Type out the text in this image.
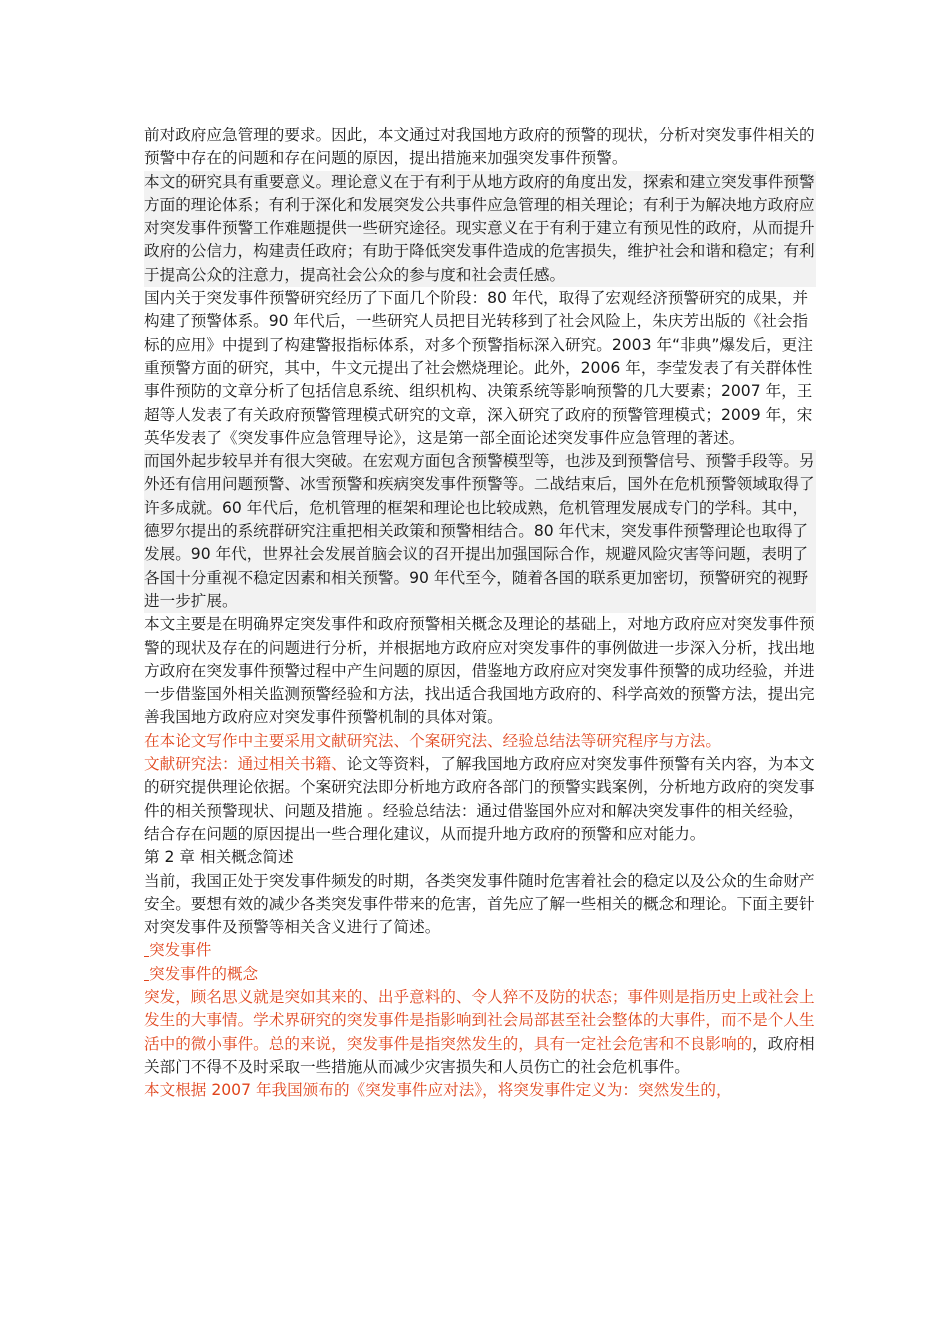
前对政府应急管理的要求。因此，本文通过对我国地方政府的预警的现状，分析对突发事件相关的预警中存在的问题和存在问题的原因，提出措施来加强突发事件预警。

本文的研究具有重要意义。理论意义在于有利于从地方政府的角度出发，探索和建立突发事件预警方面的理论体系；有利于深化和发展突发公共事件应急管理的相关理论；有利于为解决地方政府应对突发事件预警工作难题提供一些研究途径。现实意义在于有利于建立有预见性的政府，从而提升政府的公信力，构建责任政府；有助于降低突发事件造成的危害损失，维护社会和谐和稳定；有利于提高公众的注意力，提高社会公众的参与度和社会责任感。

国内关于突发事件预警研究经历了下面几个阶段：80 年代，取得了宏观经济预警研究的成果，并构建了预警体系。90 年代后，一些研究人员把目光转移到了社会风险上，朱庆芳出版的《社会指标的应用》中提到了构建警报指标体系，对多个预警指标深入研究。2003 年“非典”爆发后，更注重预警方面的研究，其中，牛文元提出了社会燃烧理论。此外，2006 年，李莹发表了有关群体性事件预防的文章分析了包括信息系统、组织机构、决策系统等影响预警的几大要素；2007 年，王超等人发表了有关政府预警管理模式研究的文章，深入研究了政府的预警管理模式；2009 年，宋英华发表了《突发事件应急管理导论》，这是第一部全面论述突发事件应急管理的著述。

而国外起步较早并有很大突破。在宏观方面包含预警模型等，也涉及到预警信号、预警手段等。另外还有信用问题预警、冰雪预警和疾病突发事件预警等。二战结束后，国外在危机预警领域取得了许多成就。60 年代后，危机管理的框架和理论也比较成熟，危机管理发展成专门的学科。其中，德罗尔提出的系统群研究注重把相关政策和预警相结合。80 年代末，突发事件预警理论也取得了发展。90 年代，世界社会发展首脑会议的召开提出加强国际合作，规避风险灾害等问题，表明了各国十分重视不稳定因素和相关预警。90 年代至今，随着各国的联系更加密切，预警研究的视野进一步扩展。

本文主要是在明确界定突发事件和政府预警相关概念及理论的基础上，对地方政府应对突发事件预警的现状及存在的问题进行分析，并根据地方政府应对突发事件的事例做进一步深入分析，找出地方政府在突发事件预警过程中产生问题的原因，借鉴地方政府应对突发事件预警的成功经验，并进一步借鉴国外相关监测预警经验和方法，找出适合我国地方政府的、科学高效的预警方法，提出完善我国地方政府应对突发事件预警机制的具体对策。

在本论文写作中主要采用文献研究法、个案研究法、经验总结法等研究程序与方法。

文献研究法：通过相关书籍、论文等资料，了解我国地方政府应对突发事件预警有关内容，为本文的研究提供理论依据。个案研究法即分析地方政府各部门的预警实践案例，分析地方政府的突发事件的相关预警现状、问题及措施 。经验总结法：通过借鉴国外应对和解决突发事件的相关经验，结合存在问题的原因提出一些合理化建议，从而提升地方政府的预警和应对能力。

第 2 章 相关概念简述

当前，我国正处于突发事件频发的时期，各类突发事件随时危害着社会的稳定以及公众的生命财产安全。要想有效的减少各类突发事件带来的危害，首先应了解一些相关的概念和理论。下面主要针对突发事件及预警等相关含义进行了简述。

突发事件

突发事件的概念

突发，顾名思义就是突如其来的、出乎意料的、令人猝不及防的状态；事件则是指历史上或社会上发生的大事情。学术界研究的突发事件是指影响到社会局部甚至社会整体的大事件，而不是个人生活中的微小事件。总的来说，突发事件是指突然发生的，具有一定社会危害和不良影响的，政府相关部门不得不及时采取一些措施从而减少灾害损失和人员伤亡的社会危机事件。

本文根据 2007 年我国颁布的《突发事件应对法》，将突发事件定义为：突然发生的，
